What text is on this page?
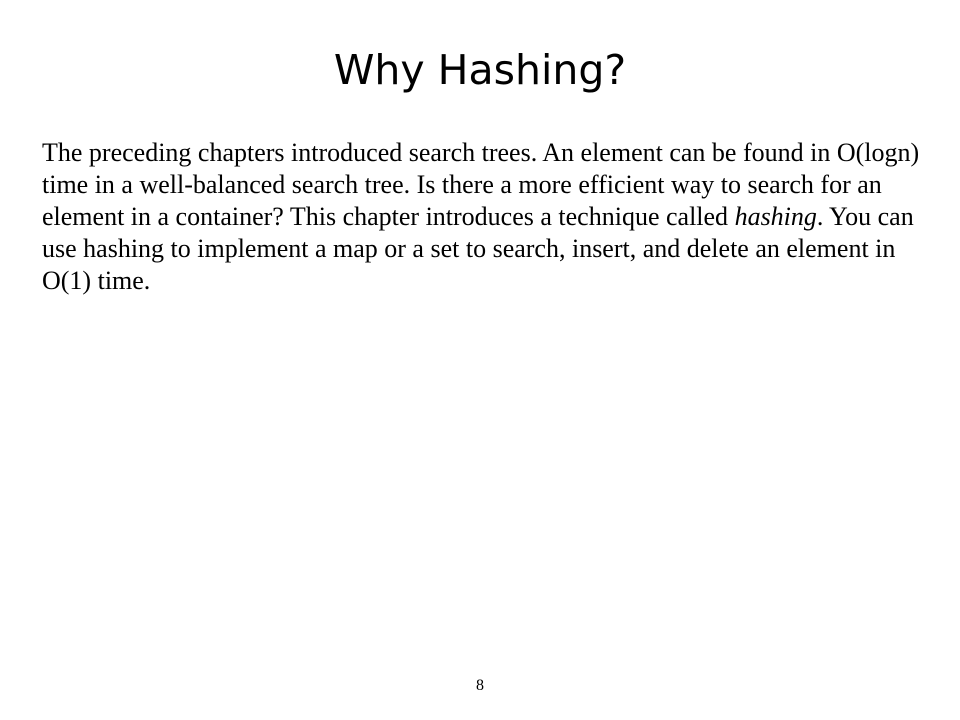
Why Hashing?

The preceding chapters introduced search trees. An element can be found in O(logn) time in a well-balanced search tree. Is there a more efficient way to search for an element in a container? This chapter introduces a technique called hashing. You can use hashing to implement a map or a set to search, insert, and delete an element in O(1) time.

8
